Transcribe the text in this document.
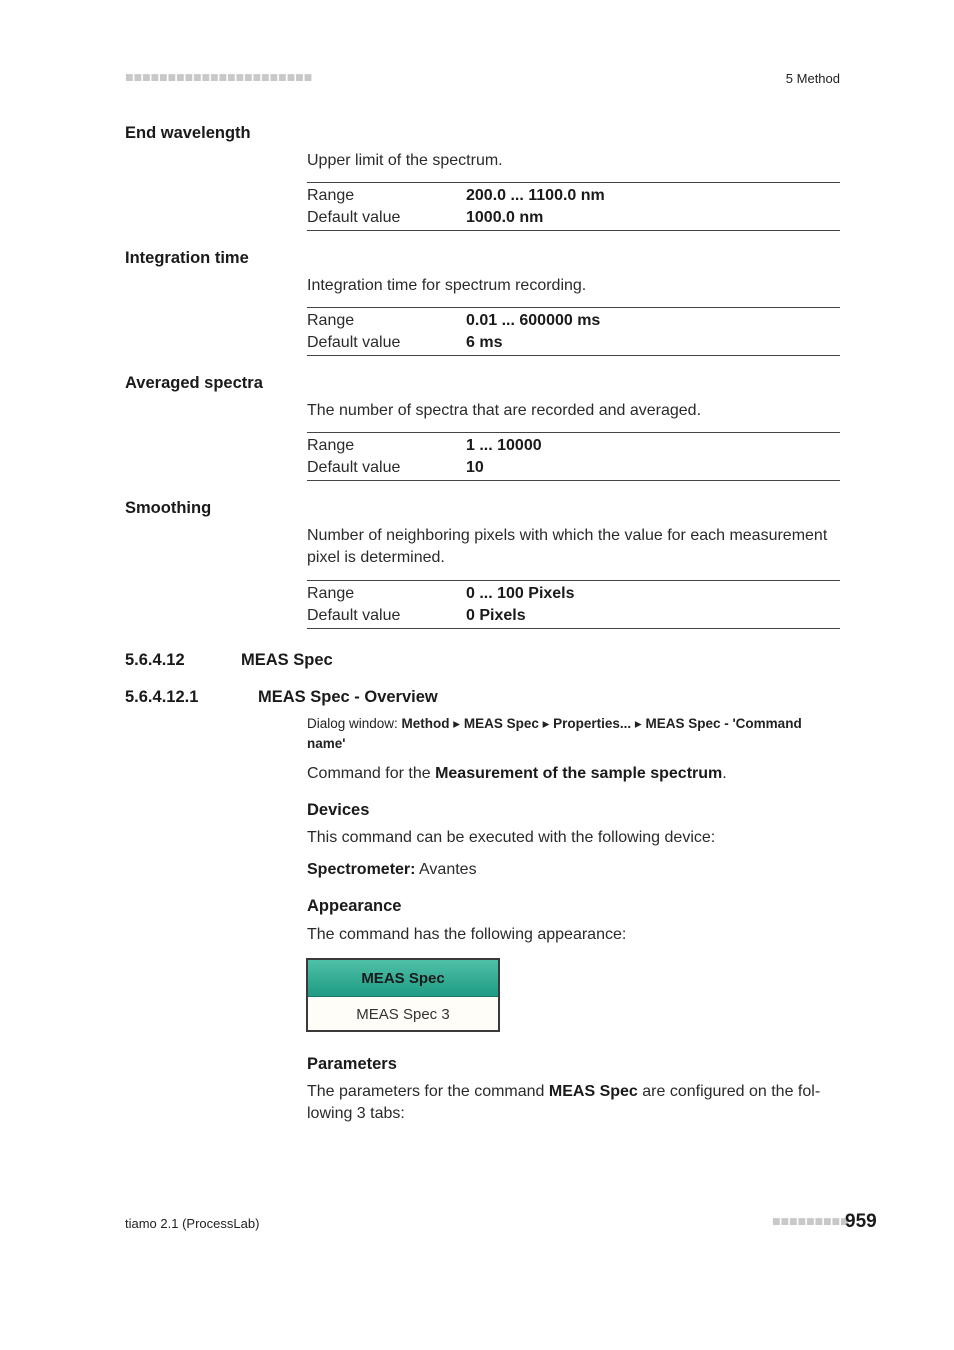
■■■■■■■■■■■■■■■■■■■■■■	5 Method
End wavelength
Upper limit of the spectrum.
Range	200.0 ... 1100.0 nm
Default value	1000.0 nm
Integration time
Integration time for spectrum recording.
Range	0.01 ... 600000 ms
Default value	6 ms
Averaged spectra
The number of spectra that are recorded and averaged.
Range	1 ... 10000
Default value	10
Smoothing
Number of neighboring pixels with which the value for each measurement pixel is determined.
Range	0 ... 100 Pixels
Default value	0 Pixels
5.6.4.12	MEAS Spec
5.6.4.12.1	MEAS Spec - Overview
Dialog window: Method ▸ MEAS Spec ▸ Properties... ▸ MEAS Spec - 'Command name'
Command for the Measurement of the sample spectrum.
Devices
This command can be executed with the following device:
Spectrometer: Avantes
Appearance
The command has the following appearance:
MEAS Spec
MEAS Spec 3
Parameters
The parameters for the command MEAS Spec are configured on the fol-lowing 3 tabs:
tiamo 2.1 (ProcessLab)	■■■■■■■■■
959
